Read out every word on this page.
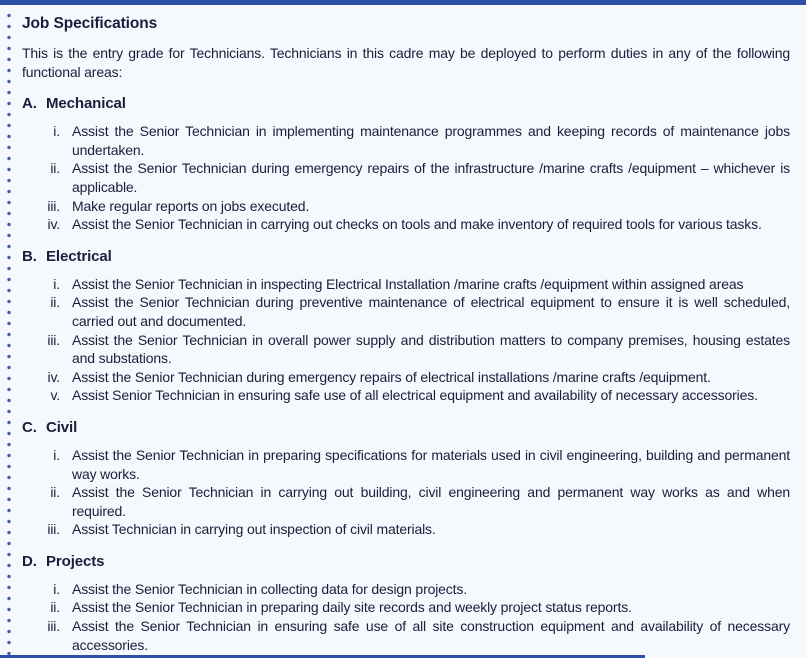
Job Specifications

This is the entry grade for Technicians. Technicians in this cadre may be deployed to perform duties in any of the following functional areas:

A. Mechanical
i. Assist the Senior Technician in implementing maintenance programmes and keeping records of maintenance jobs undertaken.
ii. Assist the Senior Technician during emergency repairs of the infrastructure /marine crafts /equipment – whichever is applicable.
iii. Make regular reports on jobs executed.
iv. Assist the Senior Technician in carrying out checks on tools and make inventory of required tools for various tasks.
B. Electrical
i. Assist the Senior Technician in inspecting Electrical Installation /marine crafts /equipment within assigned areas
ii. Assist the Senior Technician during preventive maintenance of electrical equipment to ensure it is well scheduled, carried out and documented.
iii. Assist the Senior Technician in overall power supply and distribution matters to company premises, housing estates and substations.
iv. Assist the Senior Technician during emergency repairs of electrical installations /marine crafts /equipment.
v. Assist Senior Technician in ensuring safe use of all electrical equipment and availability of necessary accessories.
C. Civil
i. Assist the Senior Technician in preparing specifications for materials used in civil engineering, building and permanent way works.
ii. Assist the Senior Technician in carrying out building, civil engineering and permanent way works as and when required.
iii. Assist Technician in carrying out inspection of civil materials.
D. Projects
i. Assist the Senior Technician in collecting data for design projects.
ii. Assist the Senior Technician in preparing daily site records and weekly project status reports.
iii. Assist the Senior Technician in ensuring safe use of all site construction equipment and availability of necessary accessories.
